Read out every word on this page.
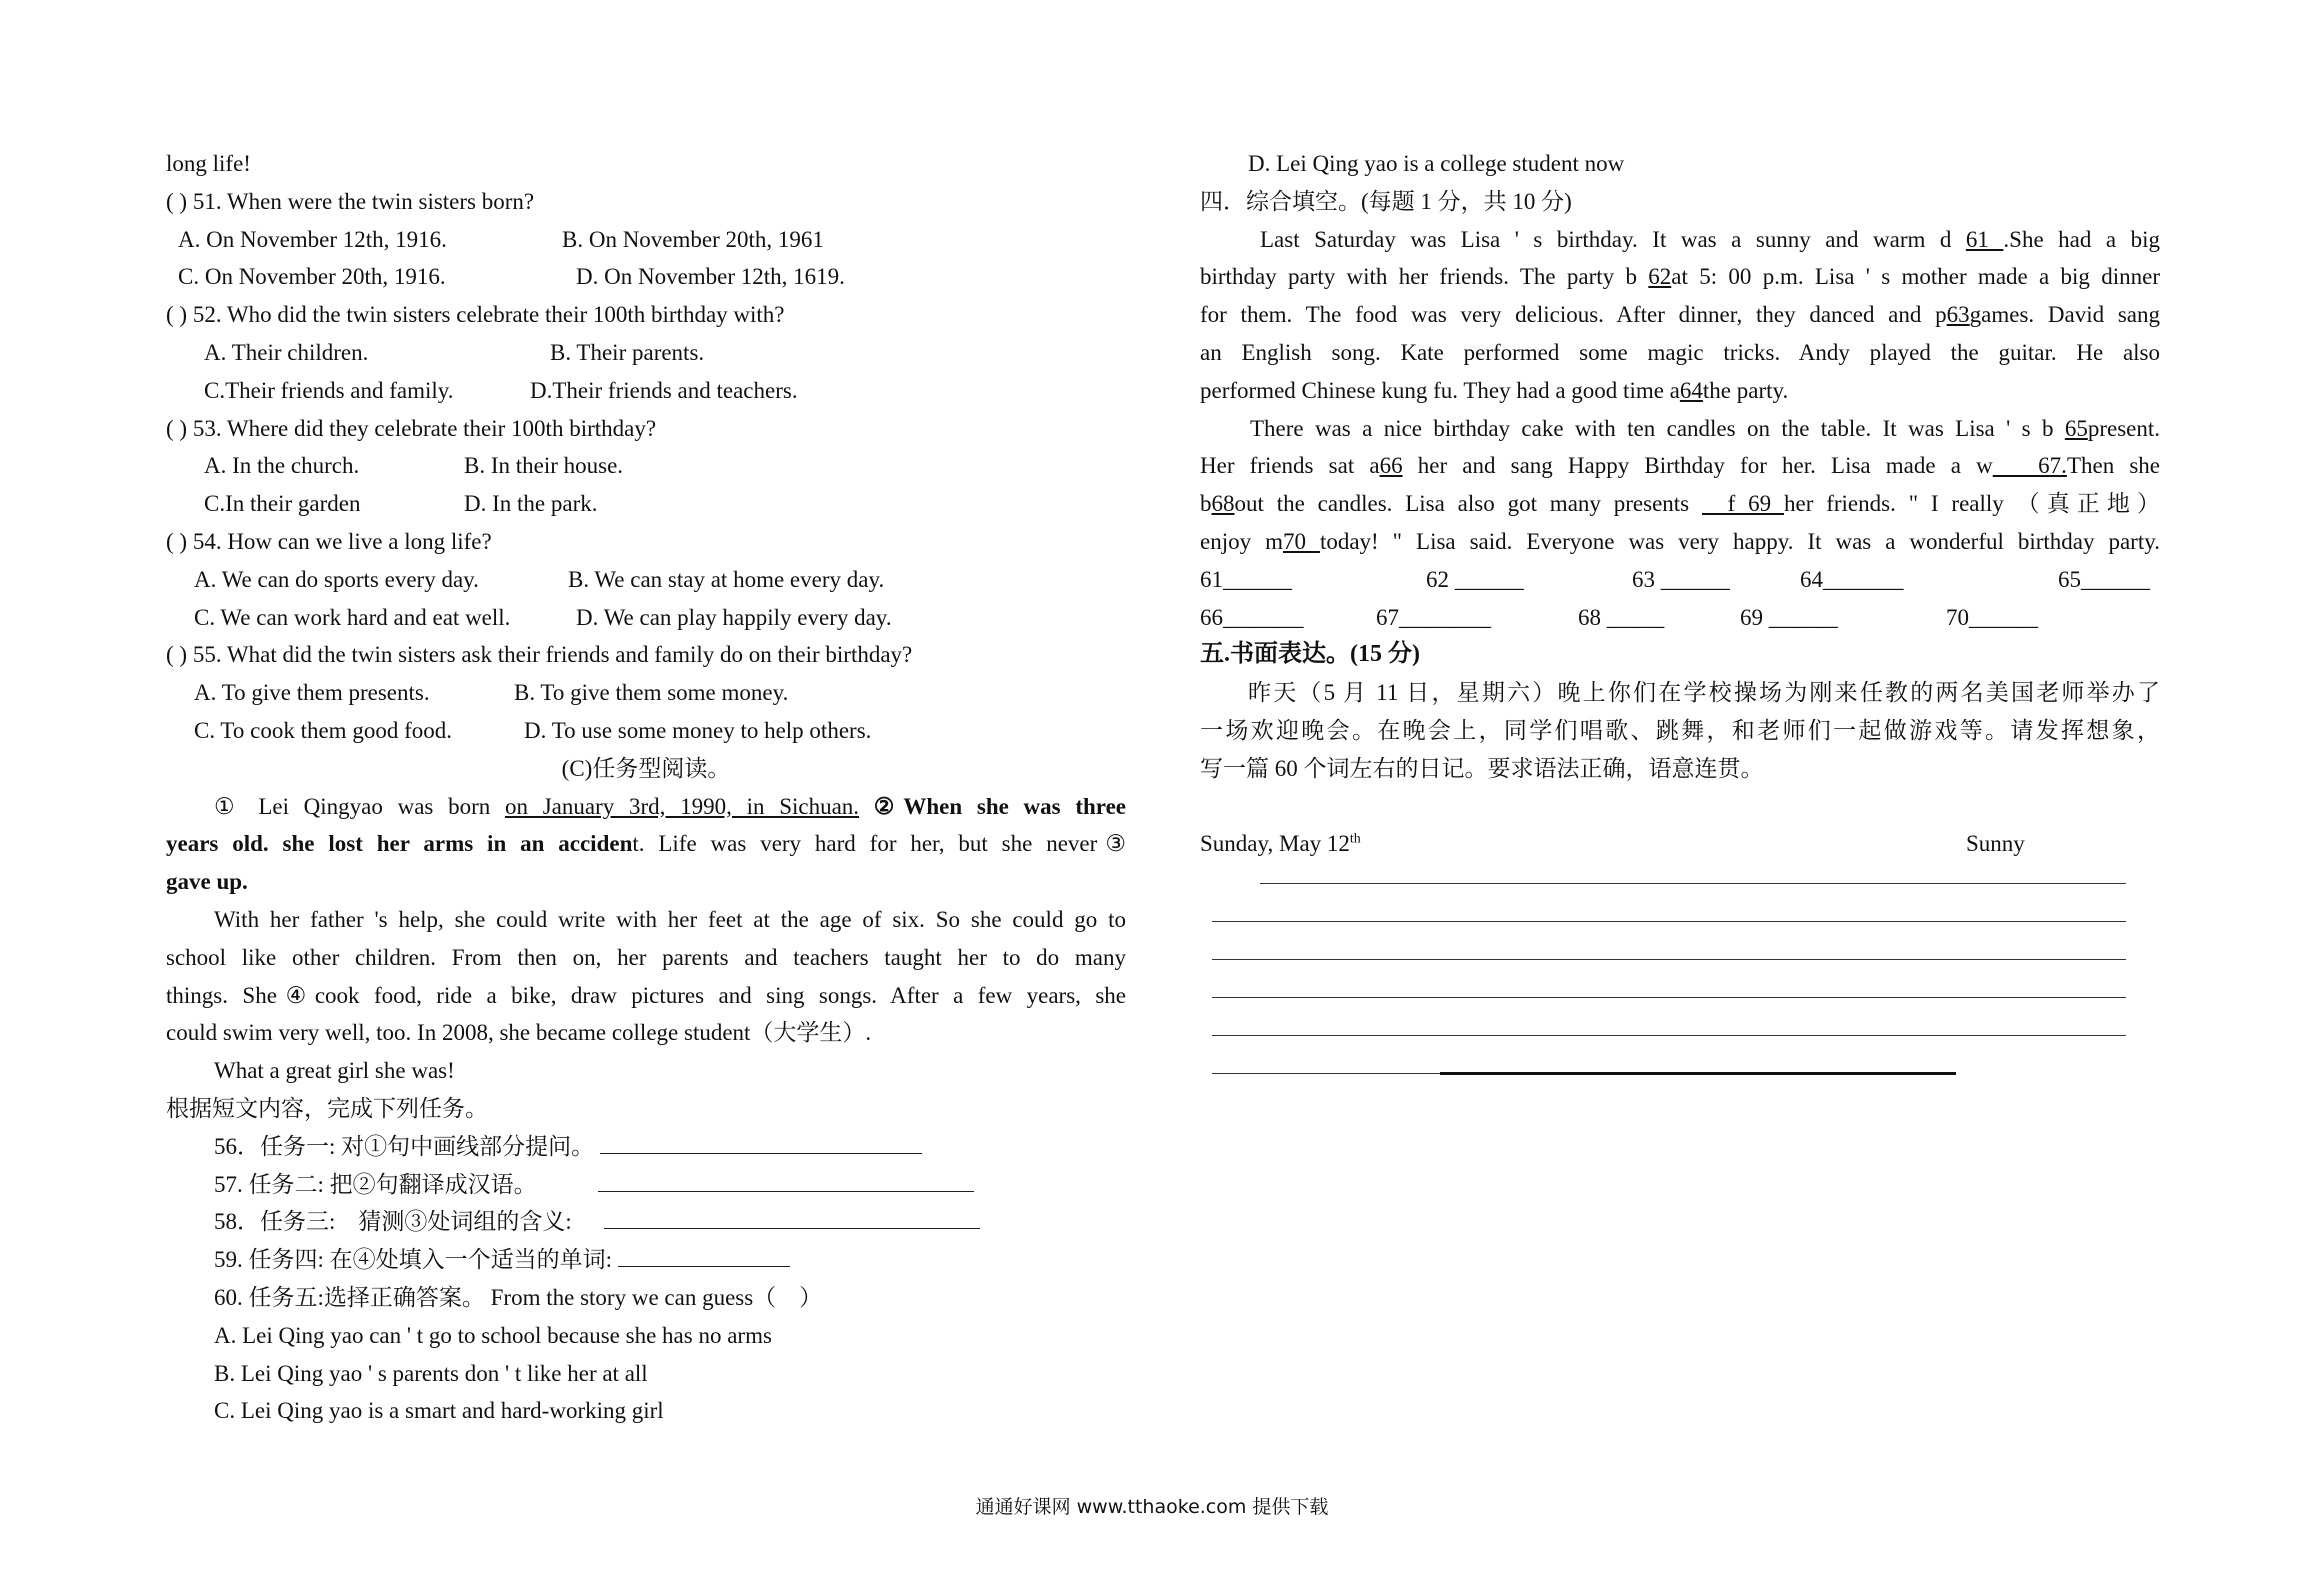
long life!
( ) 51. When were the twin sisters born?
A. On November 12th, 1916.	B. On November 20th, 1961
C. On November 20th, 1916.	D. On November 12th, 1619.
( ) 52. Who did the twin sisters celebrate their 100th birthday with?
A. Their children.	B. Their parents.
C.Their friends and family.	D.Their friends and teachers.
( ) 53. Where did they celebrate their 100th birthday?
A. In the church.	B. In their house.
C.In their garden	D. In the park.
( ) 54. How can we live a long life?
A. We can do sports every day.	B. We can stay at home every day.
C. We can work hard and eat well.	D. We can play happily every day.
( ) 55. What did the twin sisters ask their friends and family do on their birthday?
A. To give them presents.	B. To give them some money.
C. To cook them good food.	D. To use some money to help others.
(C)任务型阅读。
① Lei Qingyao was born on January 3rd, 1990, in Sichuan. ②When she was three
years old. she lost her arms in an accident. Life was very hard for her, but she never③
gave up.
With her father 's help, she could write with her feet at the age of six. So she could go to
school like other children. From then on, her parents and teachers taught her to do many
things. She④cook food, ride a bike, draw pictures and sing songs. After a few years, she
could swim very well, too. In 2008, she became college student（大学生）.
What a great girl she was!
根据短文内容，完成下列任务。
56．任务一: 对①句中画线部分提问。
57. 任务二: 把②句翻译成汉语。
58．任务三:　猜测③处词组的含义:
59. 任务四: 在④处填入一个适当的单词:
60. 任务五:选择正确答案。 From the story we can guess（　）
A. Lei Qing yao can ' t go to school because she has no arms
B. Lei Qing yao ' s parents don ' t like her at all
C. Lei Qing yao is a smart and hard-working girl
D. Lei Qing yao is a college student now
四．综合填空。(每题 1 分，共 10 分)
Last Saturday was Lisa ' s birthday. It was a sunny and warm d 61 .She had a big
birthday party with her friends. The party b 62at 5: 00 p.m. Lisa ' s mother made a big dinner
for them. The food was very delicious. After dinner, they danced and p63games. David sang
an English song. Kate performed some magic tricks. Andy played the guitar. He also
performed Chinese kung fu. They had a good time a64the party.
There was a nice birthday cake with ten candles on the table. It was Lisa ' s b 65present.
Her friends sat a66 her and sang Happy Birthday for her. Lisa made a w   67.Then she
b68out the candles. Lisa also got many presents   f 69 her friends. " I really （真正地）
enjoy m70 today! " Lisa said. Everyone was very happy. It was a wonderful birthday party.
61______	62 ______	63 ______	64_______	65______
66_______	67________	68 _____	69 ______	70______
五.书面表达。(15 分)
昨天（5 月 11 日，星期六）晚上你们在学校操场为刚来任教的两名美国老师举办了
一场欢迎晚会。在晚会上，同学们唱歌、跳舞，和老师们一起做游戏等。请发挥想象，
写一篇 60 个词左右的日记。要求语法正确，语意连贯。
Sunday, May 12th	Sunny
通通好课网 www.tthaoke.com 提供下载
